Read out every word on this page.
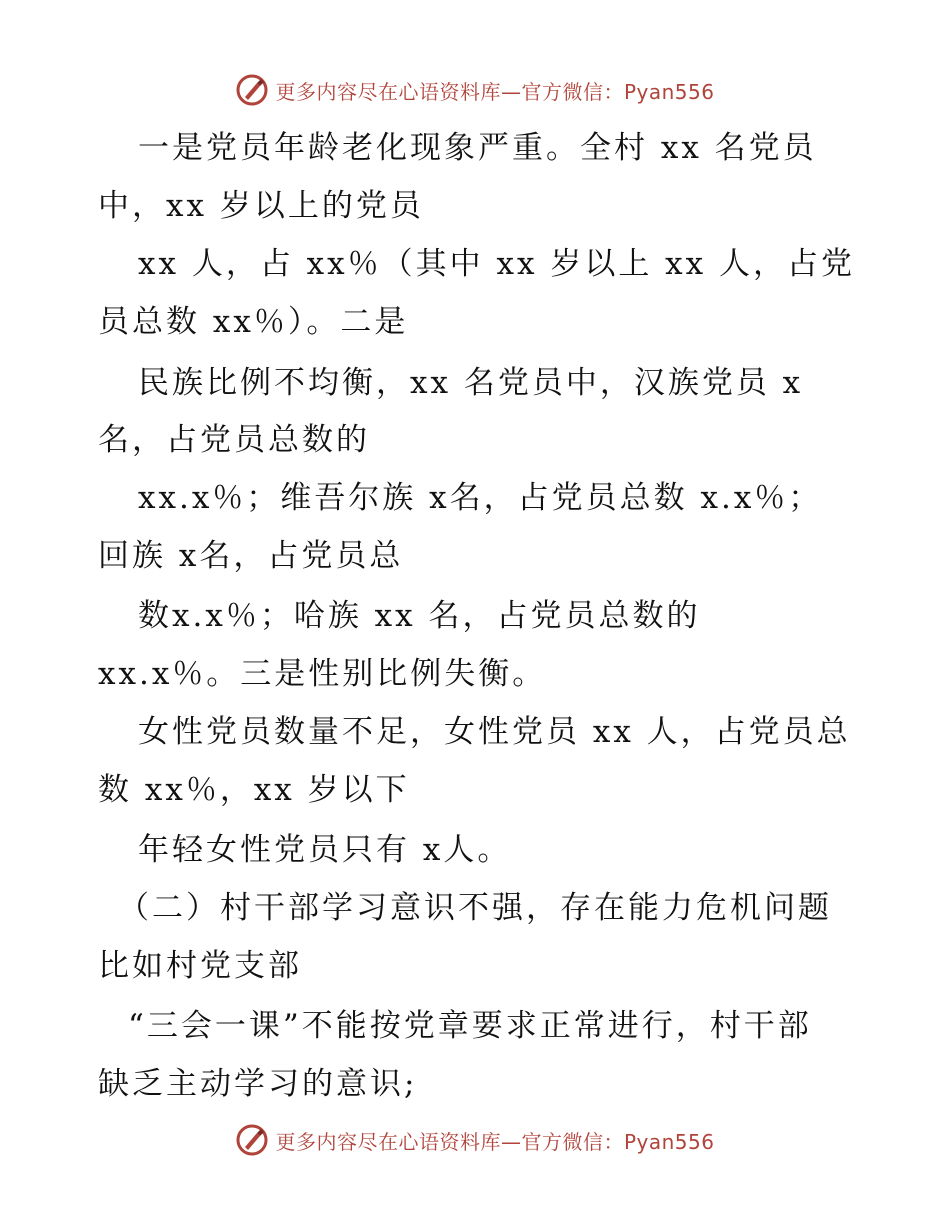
更多内容尽在心语资料库—官方微信：Pyan556
一是党员年龄老化现象严重。全村 xx 名党员
中，xx 岁以上的党员
xx 人，占 xx％（其中 xx 岁以上 xx 人，占党
员总数 xx％）。二是
民族比例不均衡，xx 名党员中，汉族党员 x
名，占党员总数的
xx.x％；维吾尔族 x名，占党员总数 x.x％；
回族 x名，占党员总
数x.x％；哈族 xx 名，占党员总数的
xx.x％。三是性别比例失衡。
女性党员数量不足，女性党员 xx 人，占党员总
数 xx％，xx 岁以下
年轻女性党员只有 x人。
（二）村干部学习意识不强，存在能力危机问题
比如村党支部
“三会一课”不能按党章要求正常进行，村干部
缺乏主动学习的意识;
更多内容尽在心语资料库—官方微信：Pyan556
